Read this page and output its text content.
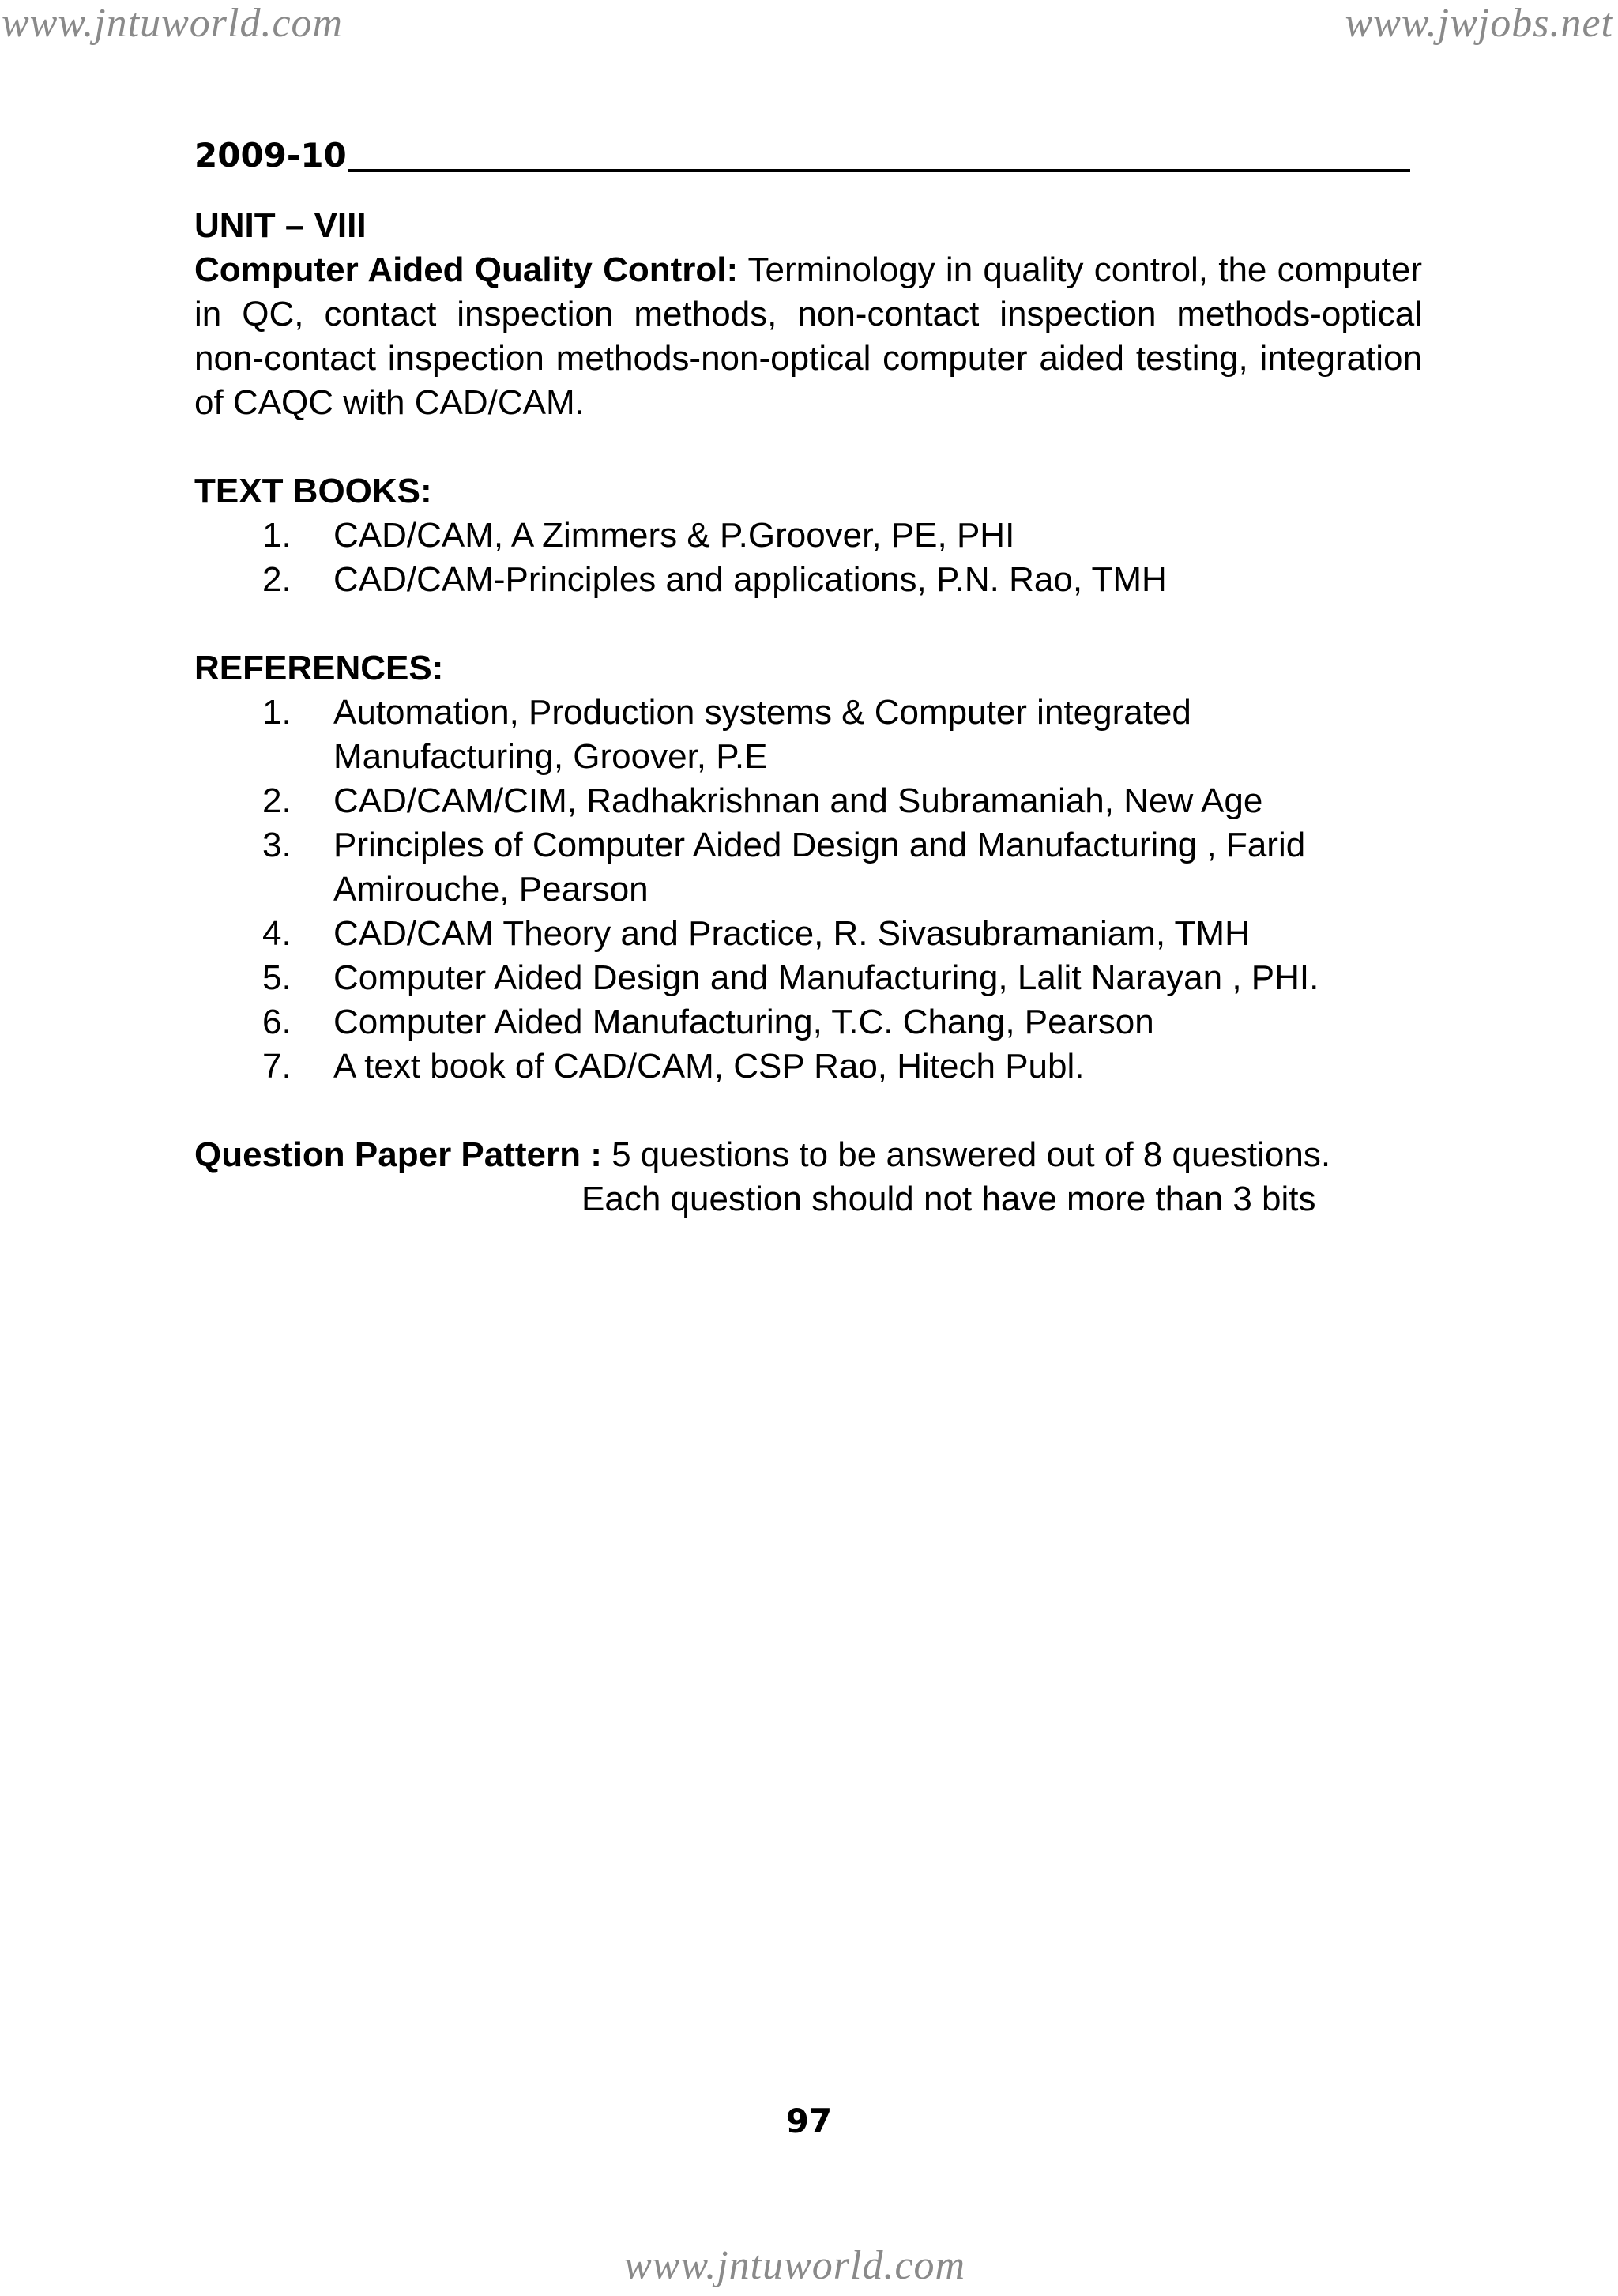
www.jntuworld.com	www.jwjobs.net
2009-10

UNIT – VIII

Computer Aided Quality Control: Terminology in quality control, the computer in QC, contact inspection methods, non-contact inspection methods-optical non-contact inspection methods-non-optical computer aided testing, integration of CAQC with CAD/CAM.

TEXT BOOKS:

1. CAD/CAM, A Zimmers & P.Groover, PE, PHI
2. CAD/CAM-Principles and applications, P.N. Rao, TMH

REFERENCES:

1. Automation, Production systems & Computer integrated Manufacturing, Groover, P.E
2. CAD/CAM/CIM, Radhakrishnan and Subramaniah, New Age
3. Principles of Computer Aided Design and Manufacturing , Farid Amirouche, Pearson
4. CAD/CAM Theory and Practice, R. Sivasubramaniam, TMH
5. Computer Aided Design and Manufacturing, Lalit Narayan , PHI.
6. Computer Aided Manufacturing, T.C. Chang, Pearson
7. A text book of CAD/CAM, CSP Rao, Hitech Publ.
Question Paper Pattern : 5 questions to be answered out of 8 questions.
Each question should not have more than 3 bits
97
www.jntuworld.com
